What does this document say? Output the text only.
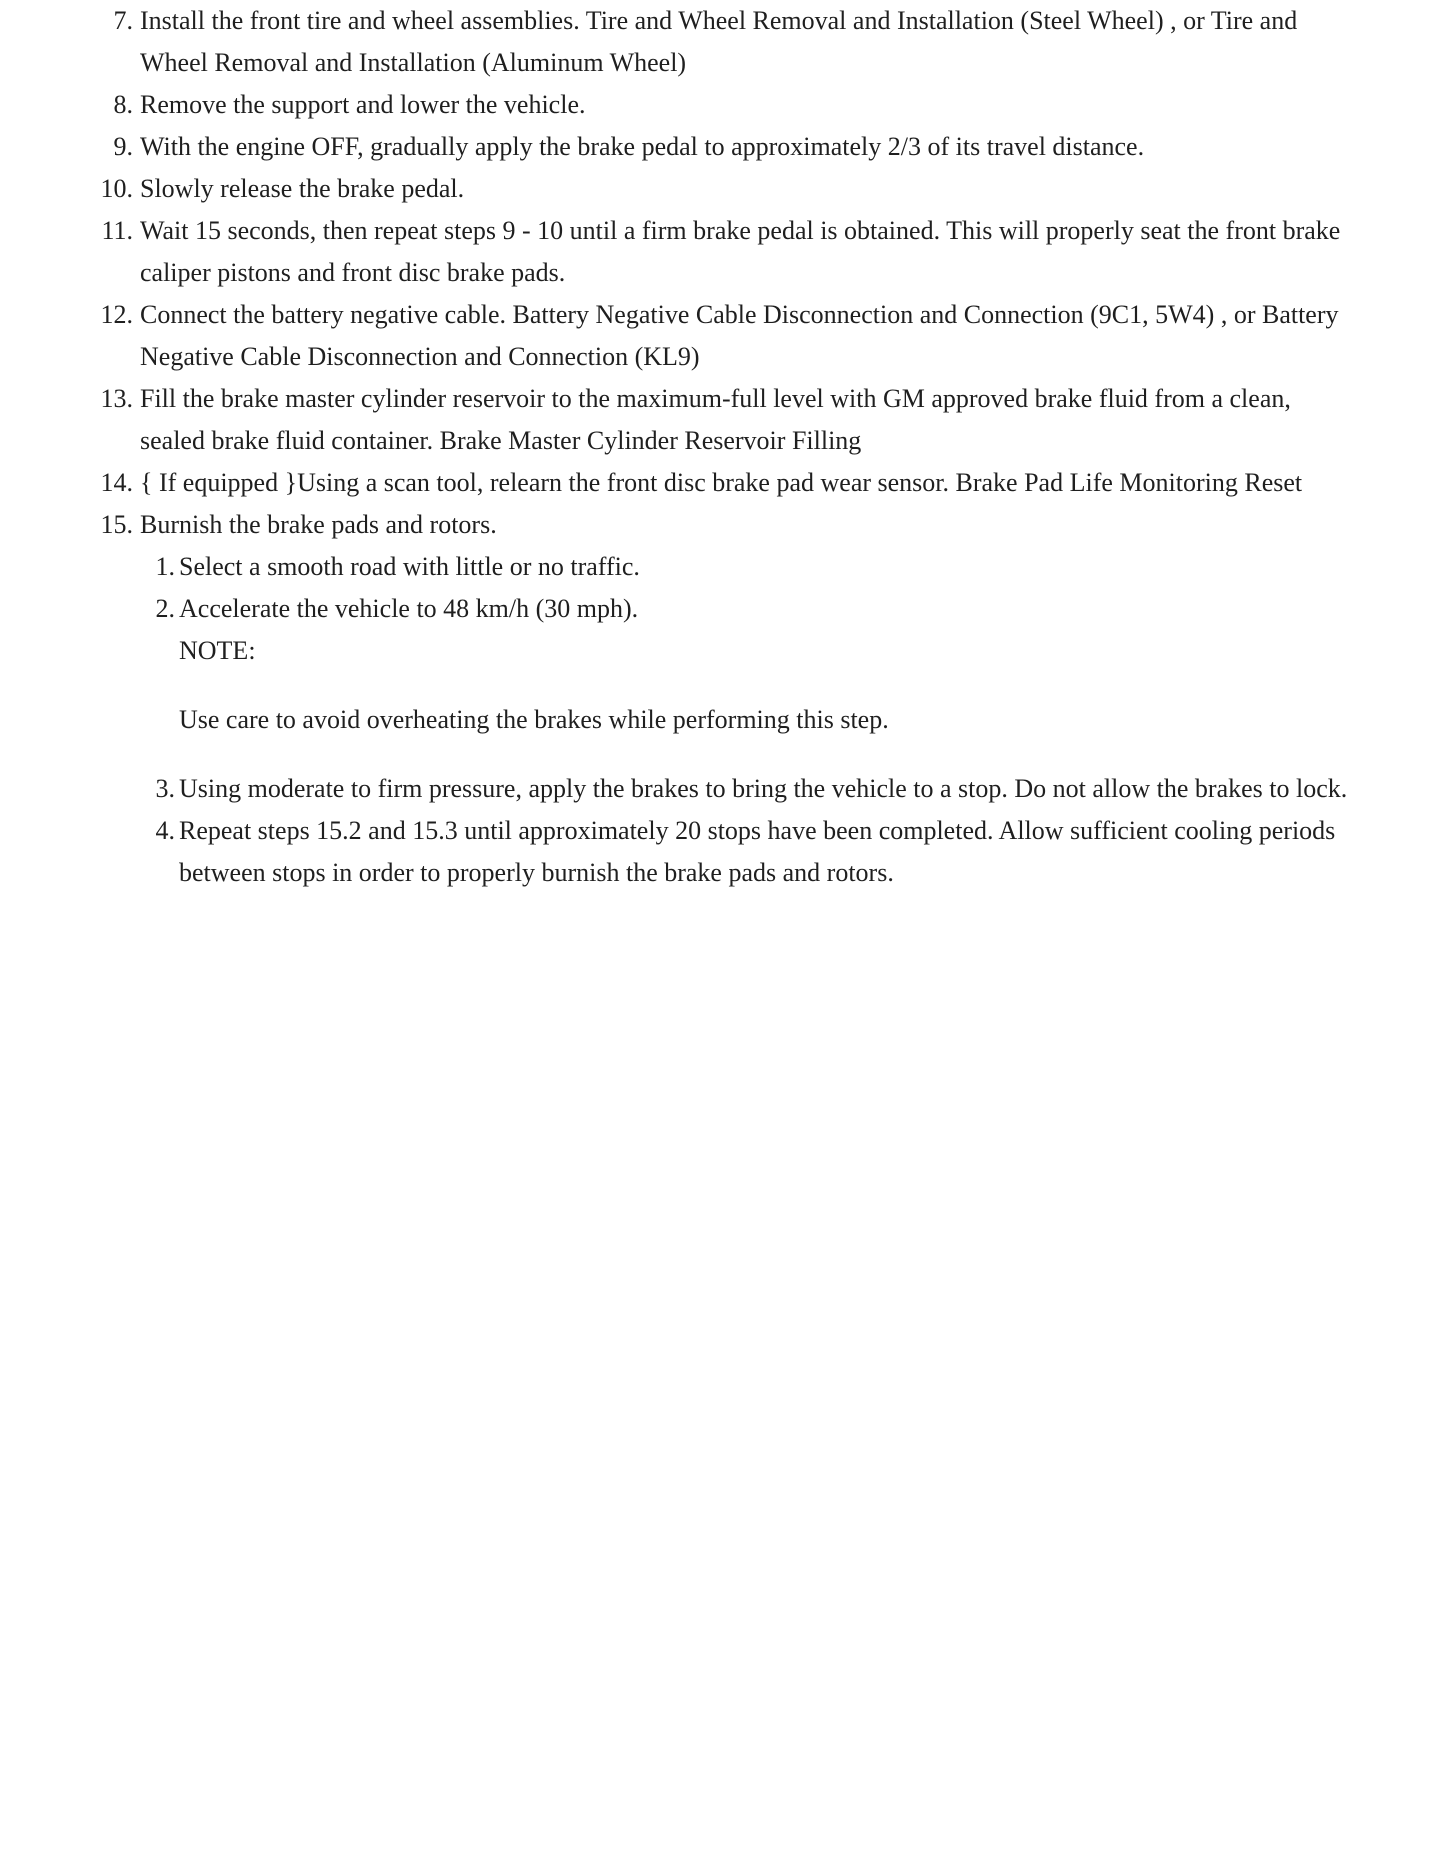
7. Install the front tire and wheel assemblies. Tire and Wheel Removal and Installation (Steel Wheel) , or Tire and Wheel Removal and Installation (Aluminum Wheel)
8. Remove the support and lower the vehicle.
9. With the engine OFF, gradually apply the brake pedal to approximately 2/3 of its travel distance.
10. Slowly release the brake pedal.
11. Wait 15 seconds, then repeat steps 9 - 10 until a firm brake pedal is obtained. This will properly seat the front brake caliper pistons and front disc brake pads.
12. Connect the battery negative cable. Battery Negative Cable Disconnection and Connection (9C1, 5W4) , or Battery Negative Cable Disconnection and Connection (KL9)
13. Fill the brake master cylinder reservoir to the maximum-full level with GM approved brake fluid from a clean, sealed brake fluid container. Brake Master Cylinder Reservoir Filling
14. { If equipped }Using a scan tool, relearn the front disc brake pad wear sensor. Brake Pad Life Monitoring Reset
15. Burnish the brake pads and rotors.
1. Select a smooth road with little or no traffic.
2. Accelerate the vehicle to 48 km/h (30 mph).
NOTE:
Use care to avoid overheating the brakes while performing this step.
3. Using moderate to firm pressure, apply the brakes to bring the vehicle to a stop. Do not allow the brakes to lock.
4. Repeat steps 15.2 and 15.3 until approximately 20 stops have been completed. Allow sufficient cooling periods between stops in order to properly burnish the brake pads and rotors.
